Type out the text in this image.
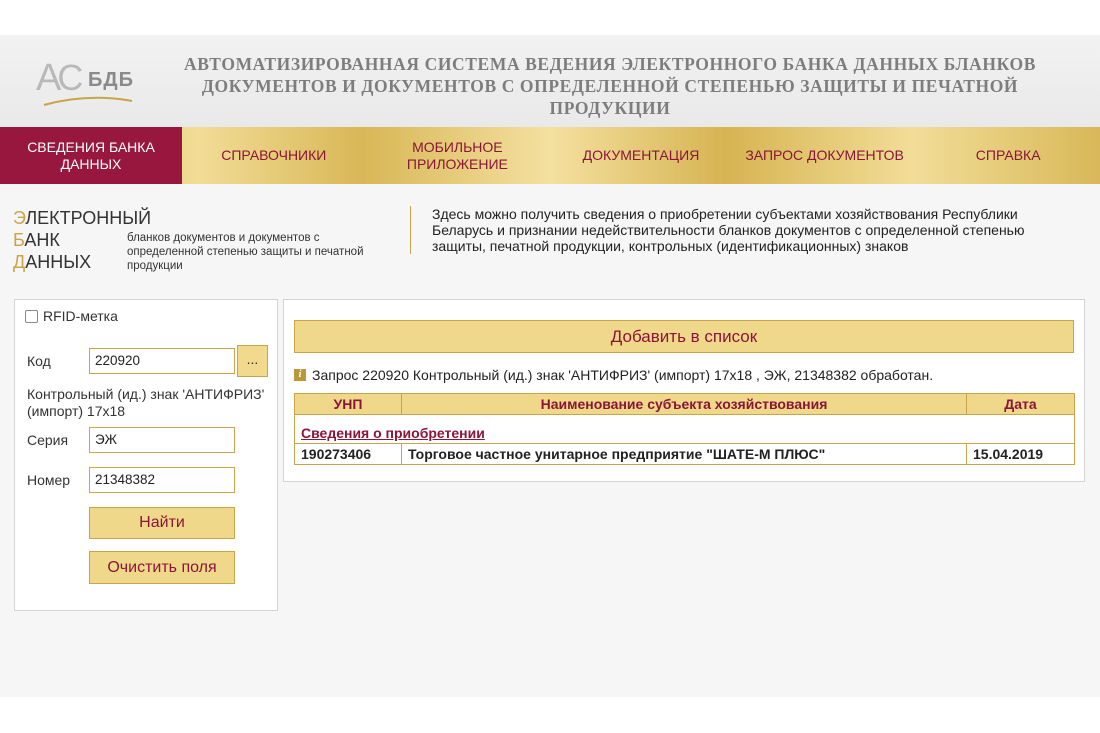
AC БДБ
АВТОМАТИЗИРОВАННАЯ СИСТЕМА ВЕДЕНИЯ ЭЛЕКТРОННОГО БАНКА ДАННЫХ БЛАНКОВ
ДОКУМЕНТОВ И ДОКУМЕНТОВ С ОПРЕДЕЛЕННОЙ СТЕПЕНЬЮ ЗАЩИТЫ И ПЕЧАТНОЙ ПРОДУКЦИИ
СВЕДЕНИЯ БАНКА
ДАННЫХ
СПРАВОЧНИКИ
МОБИЛЬНОЕ
ПРИЛОЖЕНИЕ
ДОКУМЕНТАЦИЯ	ЗАПРОС ДОКУМЕНТОВ	СПРАВКА
ЭЛЕКТРОННЫЙ
БАНК
ДАННЫХ
бланков документов и документов с определенной степенью защиты и печатной продукции
Здесь можно получить сведения о приобретении субъектами хозяйствования Республики Беларусь и признании недействительности бланков документов с определенной степенью защиты, печатной продукции, контрольных (идентификационных) знаков
RFID-метка
Код	220920	...
Контрольный (ид.) знак 'АНТИФРИЗ' (импорт) 17x18
Серия	ЭЖ
Номер	21348382
Найти
Очистить поля
Добавить в список
i Запрос 220920 Контрольный (ид.) знак 'АНТИФРИЗ' (импорт) 17x18 , ЭЖ, 21348382 обработан.
УНП	Наименование субъекта хозяйствования	Дата
Сведения о приобретении		
190273406	Торговое частное унитарное предприятие "ШАТЕ-М ПЛЮС"	15.04.2019
